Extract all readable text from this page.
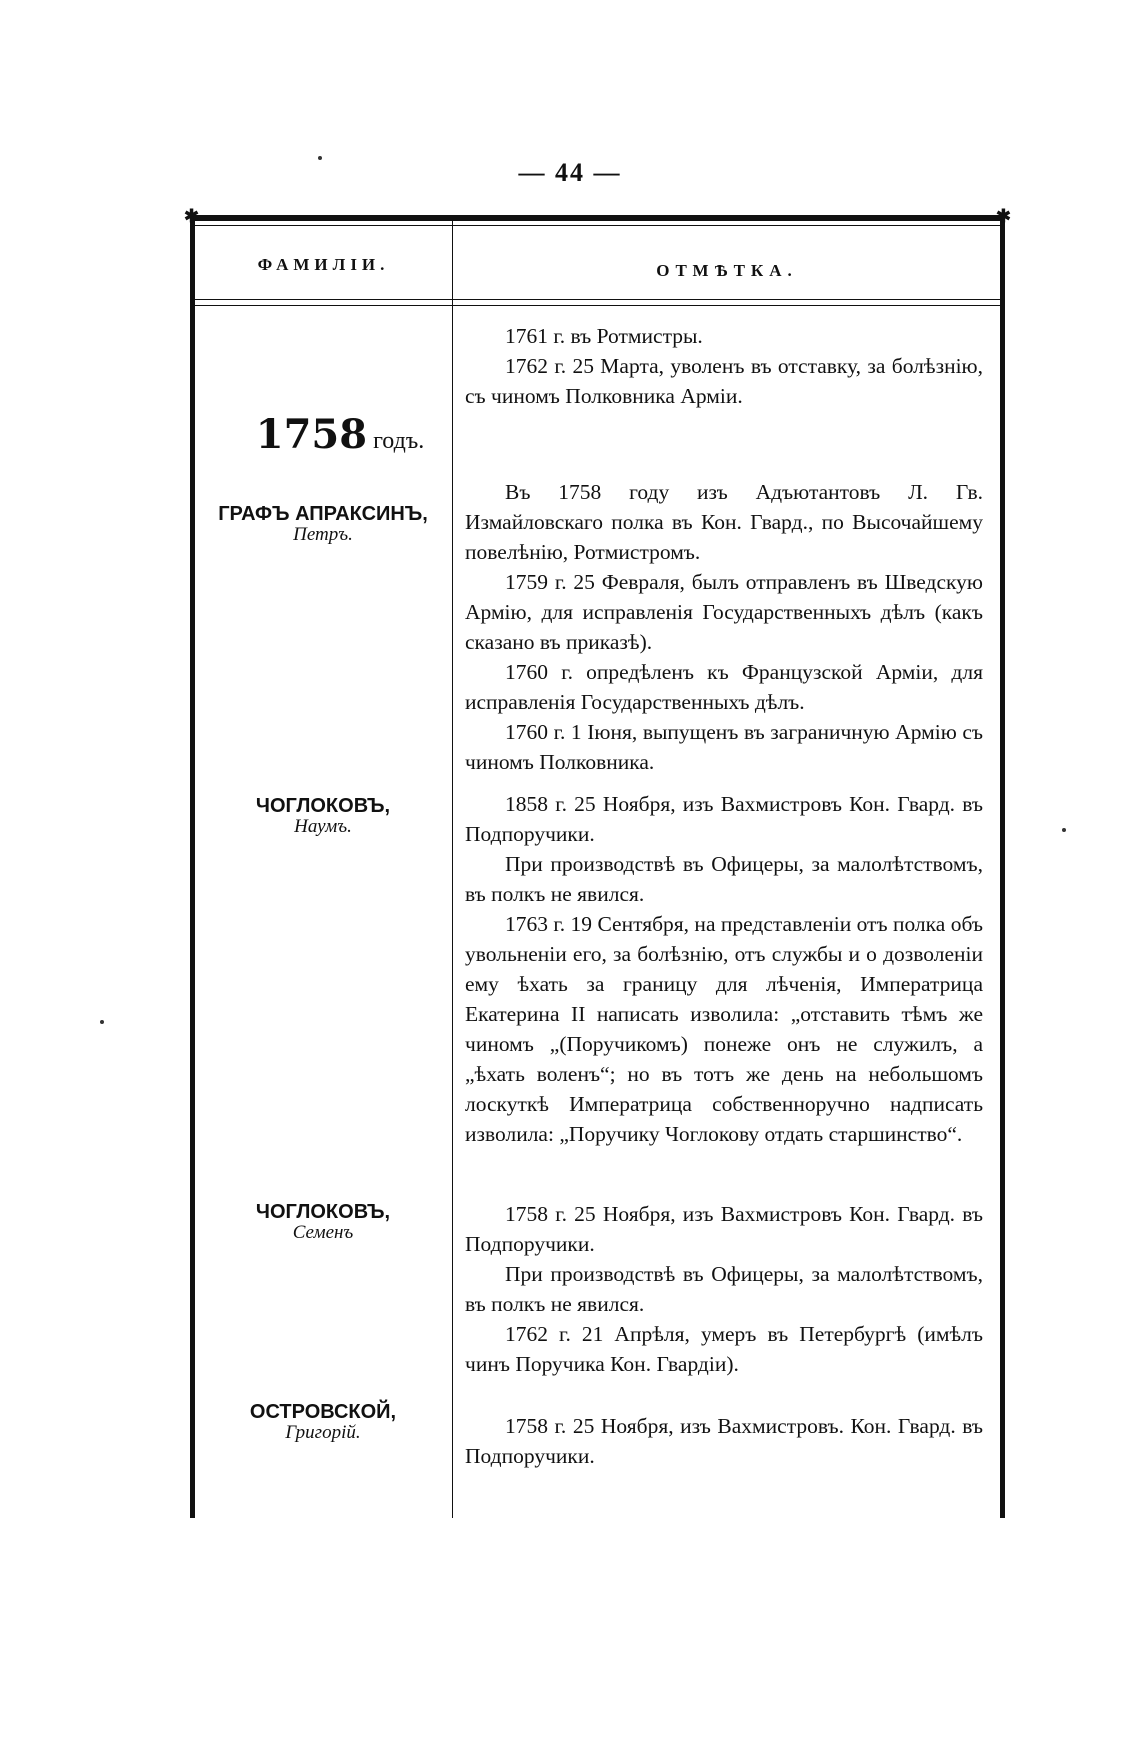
— 44 —
✱	✱
ФАМИЛІИ.	ОТМѢТКА.
1758 годъ.
ГРАФЪ АПРАКСИНЪ,
Петръ.
ЧОГЛОКОВЪ,
Наумъ.
ЧОГЛОКОВЪ,
Семенъ
ОСТРОВСКОЙ,
Григорій.

1761 г. въ Ротмистры.

1762 г. 25 Марта, уволенъ въ отставку, за болѣзнію, съ чиномъ Полковника Арміи.

Въ 1758 году изъ Адъютантовъ Л. Гв. Измайловскаго полка въ Кон. Гвард., по Высочайшему повелѣнію, Ротмистромъ.

1759 г. 25 Февраля, былъ отправленъ въ Шведскую Армію, для исправленія Государственныхъ дѣлъ (какъ сказано въ приказѣ).

1760 г. опредѣленъ къ Французской Арміи, для исправленія Государственныхъ дѣлъ.

1760 г. 1 Іюня, выпущенъ въ заграничную Армію съ чиномъ Полковника.

1858 г. 25 Ноября, изъ Вахмистровъ Кон. Гвард. въ Подпоручики.

При производствѣ въ Офицеры, за малолѣтствомъ, въ полкъ не явился.

1763 г. 19 Сентября, на представленіи отъ полка объ увольненіи его, за болѣзнію, отъ службы и о дозволеніи ему ѣхать за границу для лѣченія, Императрица Екатерина II написать изволила: „отставить тѣмъ же чиномъ „(Поручикомъ) понеже онъ не служилъ, а „ѣхать воленъ“; но въ тотъ же день на небольшомъ лоскуткѣ Императрица собственноручно надписать изволила: „Поручику Чоглокову отдать старшинство“.

1758 г. 25 Ноября, изъ Вахмистровъ Кон. Гвард. въ Подпоручики.

При производствѣ въ Офицеры, за малолѣтствомъ, въ полкъ не явился.

1762 г. 21 Апрѣля, умеръ въ Петербургѣ (имѣлъ чинъ Поручика Кон. Гвардіи).

1758 г. 25 Ноября, изъ Вахмистровъ. Кон. Гвард. въ Подпоручики.
